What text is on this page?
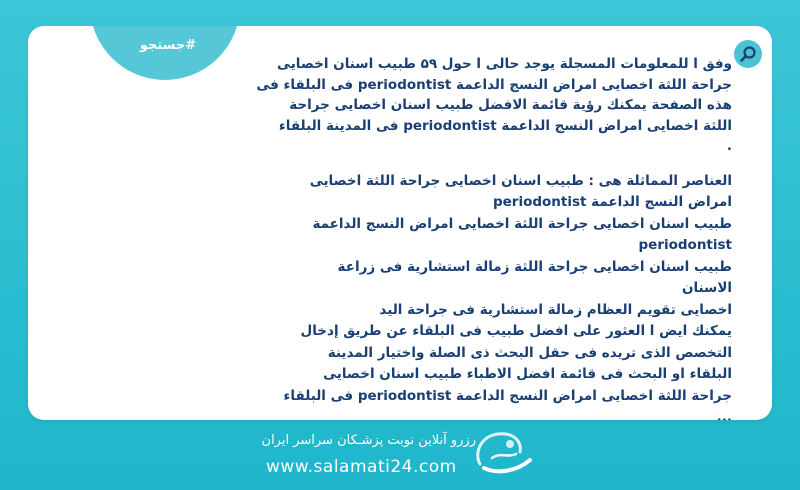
#جستجو

وفق ا للمعلومات المسجلة يوجد حالی ا حول ۵۹ طبيب اسنان اخصايی

جراحة اللثة اخصايی امراض النسج الداعمة periodontist فی البلقاء فی

هذه الصفحة يمكنك رؤية قائمة الافضل طبيب اسنان اخصايی جراحة

اللثة اخصايی امراض النسج الداعمة periodontist فی المدينة البلقاء

.

العناصر المماثلة هی : طبيب اسنان اخصايی جراحة اللثة اخصايی

امراض النسج الداعمة periodontist

طبيب اسنان اخصايی جراحة اللثة اخصايی امراض النسج الداعمة

periodontist

طبيب اسنان اخصايی جراحة اللثة زمالة استشارية فی زراعة

الاسنان

اخصايی تقويم العظام زمالة استشارية فی جراحة اليد

يمكنك ايض ا العثور علی افضل طبيب فی البلقاء عن طريق إدخال

التخصص الذی تريده فی حقل البحث ذی الصلة واختيار المدينة

البلقاء او البحث فی قائمة افضل الاطباء طبيب اسنان اخصايی

جراحة اللثة اخصايی امراض النسج الداعمة periodontist فی البلقاء

...

رزرو آنلاین نوبت پزشـکان سراسر ایران
www.salamati24.com
